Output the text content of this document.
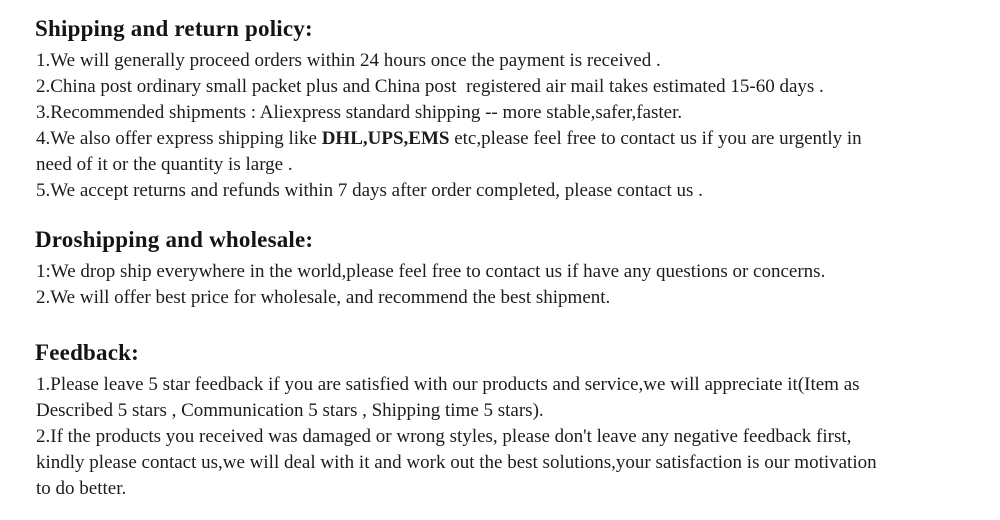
Shipping and return policy:

1.We will generally proceed orders within 24 hours once the payment is received .

2.China post ordinary small packet plus and China post  registered air mail takes estimated 15-60 days .

3.Recommended shipments : Aliexpress standard shipping -- more stable,safer,faster.

4.We also offer express shipping like DHL,UPS,EMS etc,please feel free to contact us if you are urgently in

need of it or the quantity is large .

5.We accept returns and refunds within 7 days after order completed, please contact us .

Droshipping and wholesale:

1:We drop ship everywhere in the world,please feel free to contact us if have any questions or concerns.

2.We will offer best price for wholesale, and recommend the best shipment.

Feedback:

1.Please leave 5 star feedback if you are satisfied with our products and service,we will appreciate it(Item as

Described 5 stars , Communication 5 stars , Shipping time 5 stars).

2.If the products you received was damaged or wrong styles, please don't leave any negative feedback first,

kindly please contact us,we will deal with it and work out the best solutions,your satisfaction is our motivation

to do better.
